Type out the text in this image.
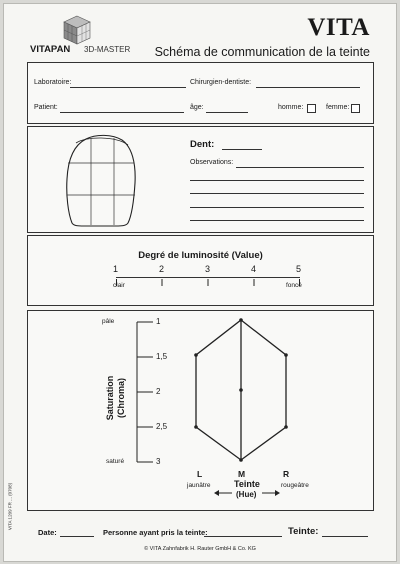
VITAPAN 3D-MASTER
VITA
Schéma de communication de la teinte
Laboratoire:	Chirurgien-dentiste:
Patient:	âge:	homme:	femme:
Dent:
Observations:
Degré de luminosité (Value)
1	2	3	4	5
clair	foncé
pâle
saturé
1
1,5
2
2,5
3
Saturation (Chroma)
L	M	R
jaunâtre	Teinte	rougeâtre
(Hue)
Date:	Personne ayant pris la teinte:	Teinte:
© VITA Zahnfabrik H. Rauter GmbH & Co. KG
VITA 1209 FR ... (0708)
